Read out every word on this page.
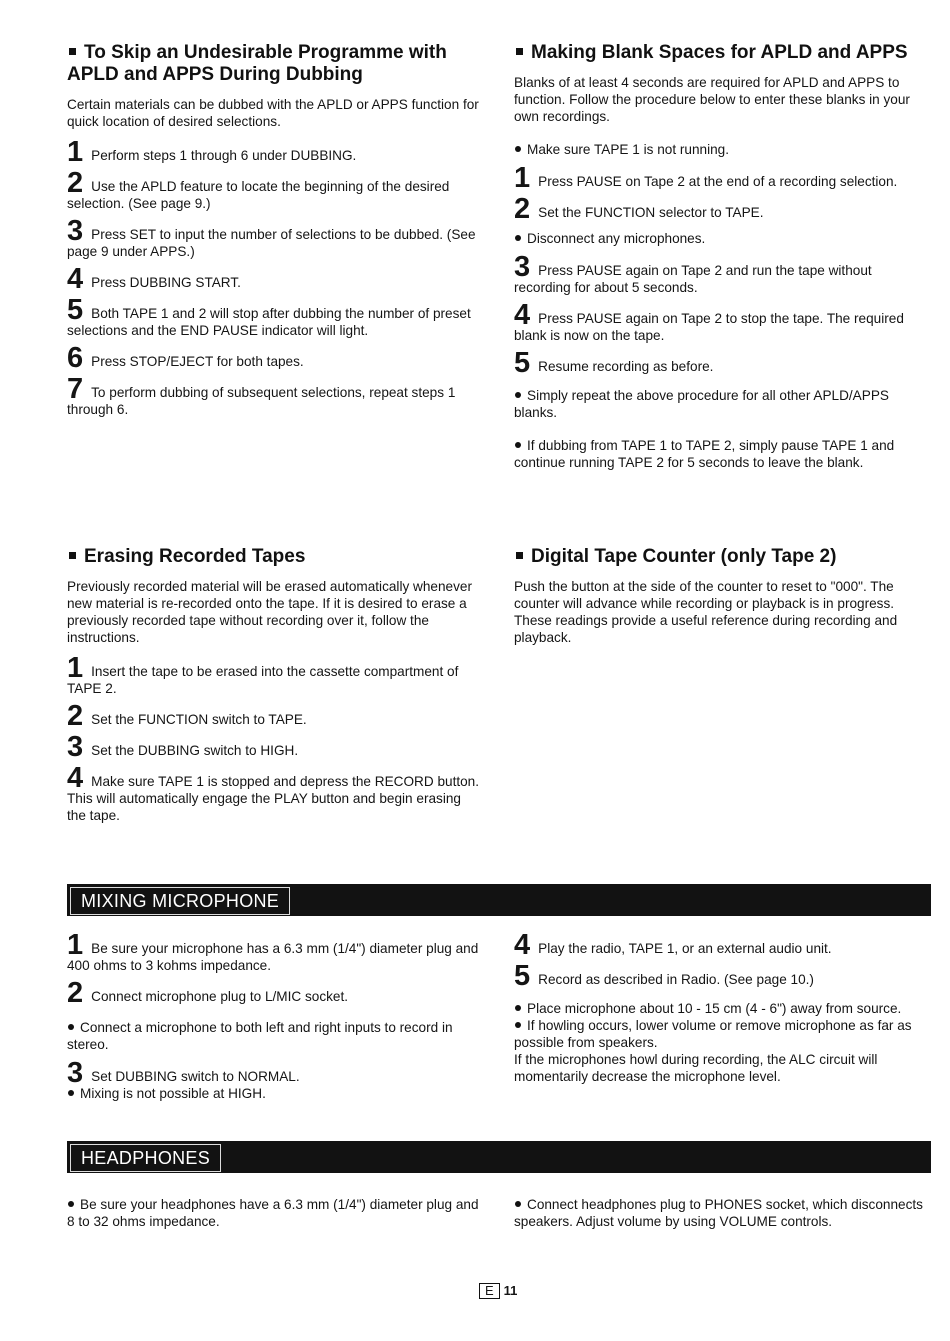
To Skip an Undesirable Programme with APLD and APPS During Dubbing
Certain materials can be dubbed with the APLD or APPS function for quick location of desired selections.
1 Perform steps 1 through 6 under DUBBING.
2 Use the APLD feature to locate the beginning of the desired selection. (See page 9.)
3 Press SET to input the number of selections to be dubbed. (See page 9 under APPS.)
4 Press DUBBING START.
5 Both TAPE 1 and 2 will stop after dubbing the number of preset selections and the END PAUSE indicator will light.
6 Press STOP/EJECT for both tapes.
7 To perform dubbing of subsequent selections, repeat steps 1 through 6.
Making Blank Spaces for APLD and APPS
Blanks of at least 4 seconds are required for APLD and APPS to function. Follow the procedure below to enter these blanks in your own recordings.
Make sure TAPE 1 is not running.
1 Press PAUSE on Tape 2 at the end of a recording selection.
2 Set the FUNCTION selector to TAPE.
Disconnect any microphones.
3 Press PAUSE again on Tape 2 and run the tape without recording for about 5 seconds.
4 Press PAUSE again on Tape 2 to stop the tape. The required blank is now on the tape.
5 Resume recording as before.
Simply repeat the above procedure for all other APLD/APPS blanks.
If dubbing from TAPE 1 to TAPE 2, simply pause TAPE 1 and continue running TAPE 2 for 5 seconds to leave the blank.
Erasing Recorded Tapes
Previously recorded material will be erased automatically whenever new material is re-recorded onto the tape. If it is desired to erase a previously recorded tape without recording over it, follow the instructions.
1 Insert the tape to be erased into the cassette compartment of TAPE 2.
2 Set the FUNCTION switch to TAPE.
3 Set the DUBBING switch to HIGH.
4 Make sure TAPE 1 is stopped and depress the RECORD button. This will automatically engage the PLAY button and begin erasing the tape.
Digital Tape Counter (only Tape 2)
Push the button at the side of the counter to reset to "000". The counter will advance while recording or playback is in progress. These readings provide a useful reference during recording and playback.
MIXING MICROPHONE
1 Be sure your microphone has a 6.3 mm (1/4") diameter plug and 400 ohms to 3 kohms impedance.
2 Connect microphone plug to L/MIC socket.
Connect a microphone to both left and right inputs to record in stereo.
3 Set DUBBING switch to NORMAL.
Mixing is not possible at HIGH.
4 Play the radio, TAPE 1, or an external audio unit.
5 Record as described in Radio. (See page 10.)
Place microphone about 10 - 15 cm (4 - 6") away from source.
If howling occurs, lower volume or remove microphone as far as possible from speakers.
If the microphones howl during recording, the ALC circuit will momentarily decrease the microphone level.
HEADPHONES
Be sure your headphones have a 6.3 mm (1/4") diameter plug and 8 to 32 ohms impedance.
Connect headphones plug to PHONES socket, which disconnects speakers. Adjust volume by using VOLUME controls.
E 11
